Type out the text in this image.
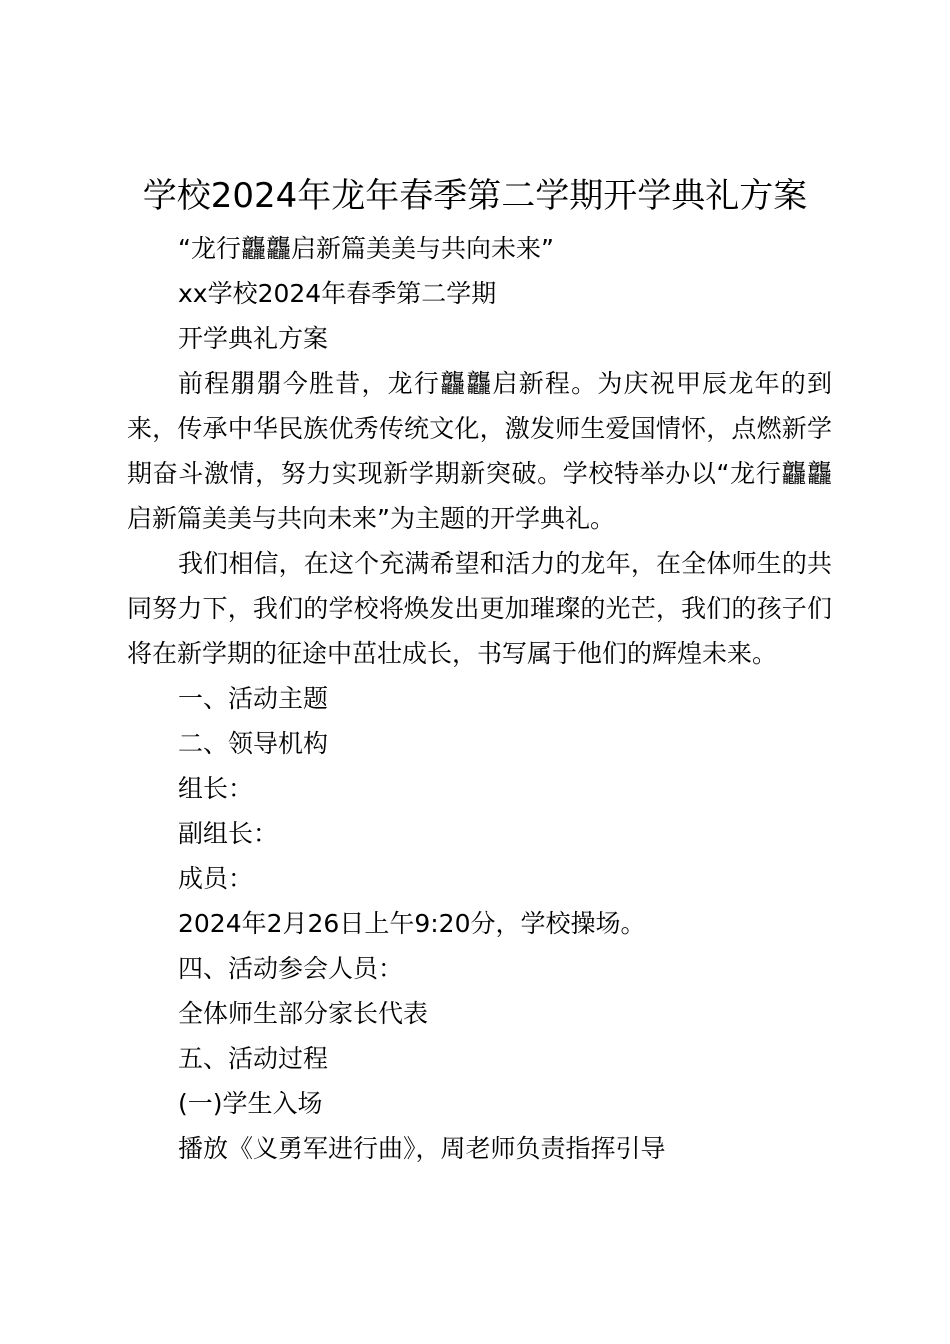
学校2024年龙年春季第二学期开学典礼方案

“龙行龘龘启新篇美美与共向未来”

xx学校2024年春季第二学期

开学典礼方案

前程朤朤今胜昔，龙行龘龘启新程。为庆祝甲辰龙年的到来，传承中华民族优秀传统文化，激发师生爱国情怀，点燃新学期奋斗激情，努力实现新学期新突破。学校特举办以“龙行龘龘启新篇美美与共向未来”为主题的开学典礼。

我们相信，在这个充满希望和活力的龙年，在全体师生的共同努力下，我们的学校将焕发出更加璀璨的光芒，我们的孩子们将在新学期的征途中茁壮成长，书写属于他们的辉煌未来。

一、活动主题

二、领导机构

组长：

副组长：

成员：

2024年2月26日上午9:20分，学校操场。

四、活动参会人员：

全体师生部分家长代表

五、活动过程

(一)学生入场

播放《义勇军进行曲》，周老师负责指挥引导
